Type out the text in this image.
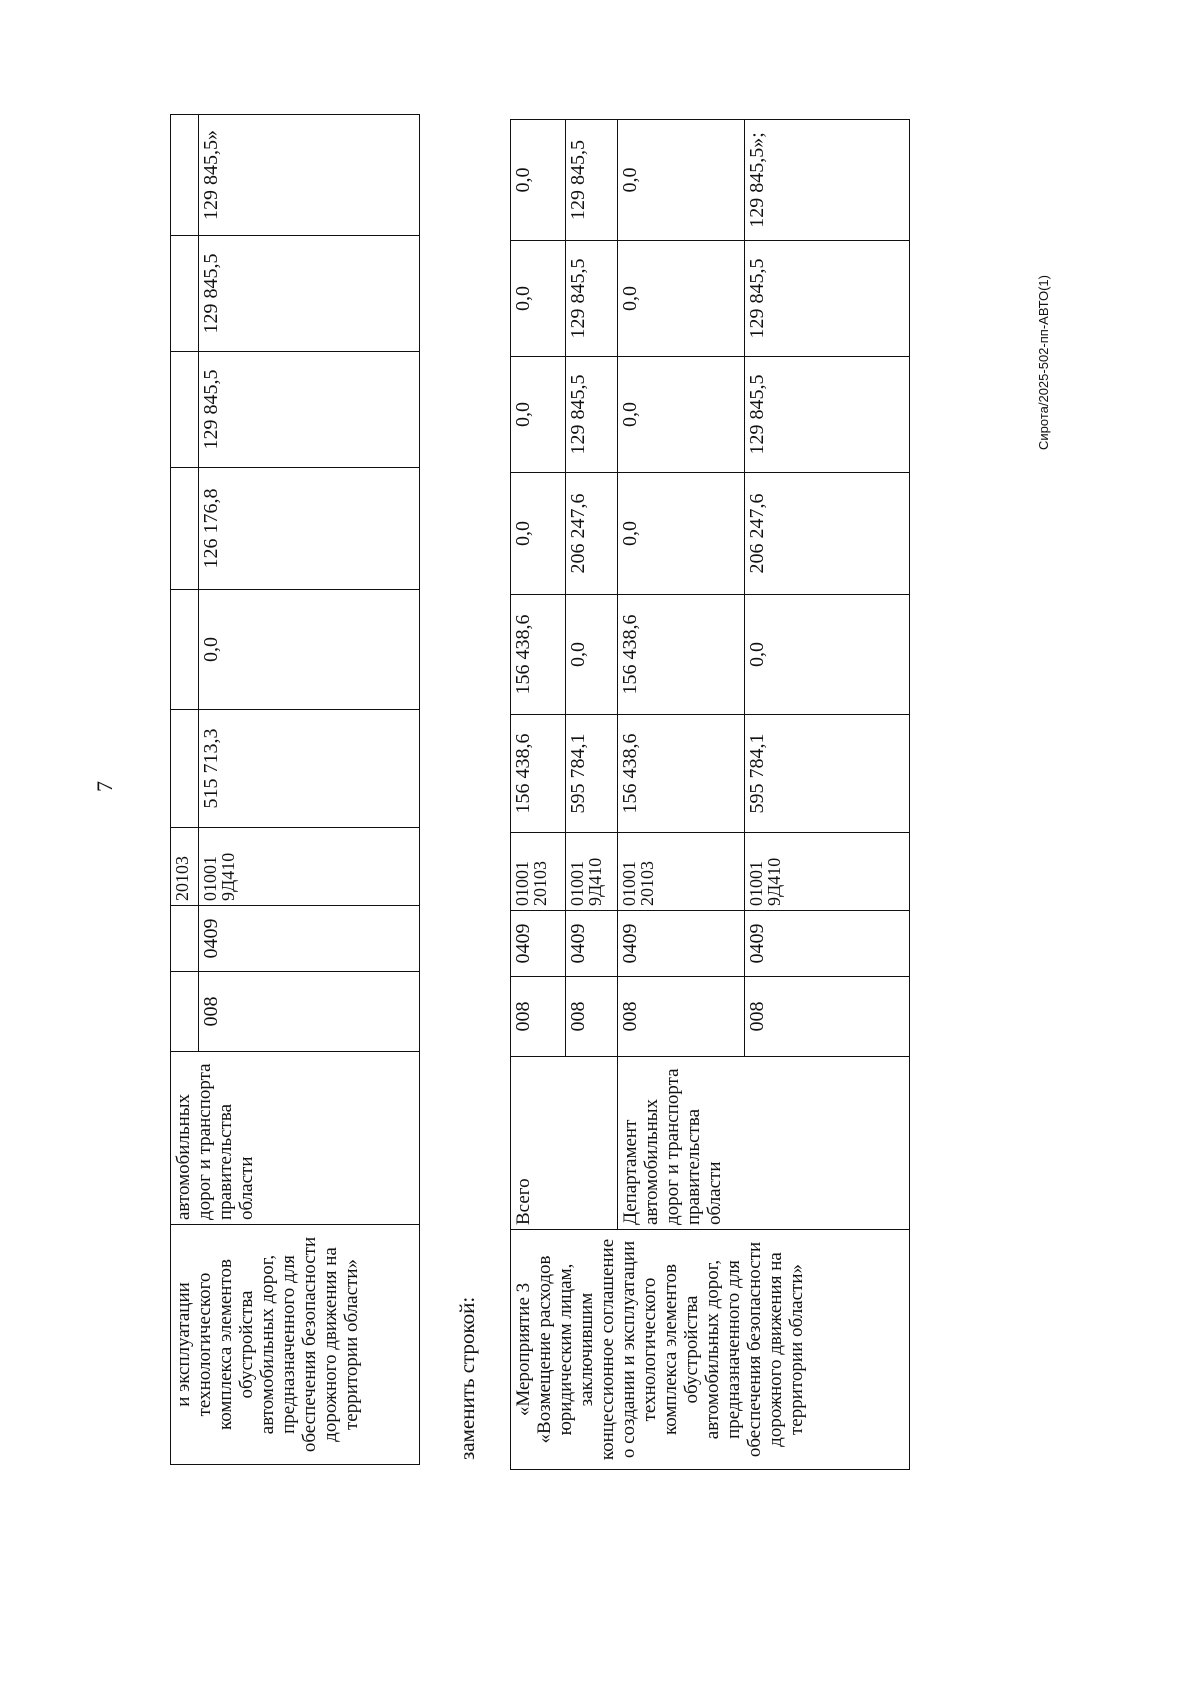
7
и эксплуатации технологического комплекса элементов обустройства автомобильных дорог, предназначенного для обеспечения безопасности дорожного движения на территории области»	автомобильных дорог и транспорта правительства области			20103						
		008	0409	01001 9Д410	515 713,3	0,0	126 176,8	129 845,5	129 845,5	129 845,5»
заменить строкой: «Мероприятие 3 «Возмещение расходов юридическим лицам, заключившим концессионное соглашение о создании и эксплуатации технологического комплекса элементов обустройства автомобильных дорог, предназначенного для обеспечения безопасности дорожного движения на территории области»	Всего	008	0409	01001 20103	156 438,6	156 438,6	0,0	0,0	0,0	0,0
		008	0409	01001 9Д410	595 784,1	0,0	206 247,6	129 845,5	129 845,5	129 845,5
	Департамент автомобильных дорог и транспорта правительства области	008	0409	01001 20103	156 438,6	156 438,6	0,0	0,0	0,0	0,0
		008	0409	01001 9Д410	595 784,1	0,0	206 247,6	129 845,5	129 845,5	129 845,5»;
Сирота/2025-502-пп-АВТО(1)
